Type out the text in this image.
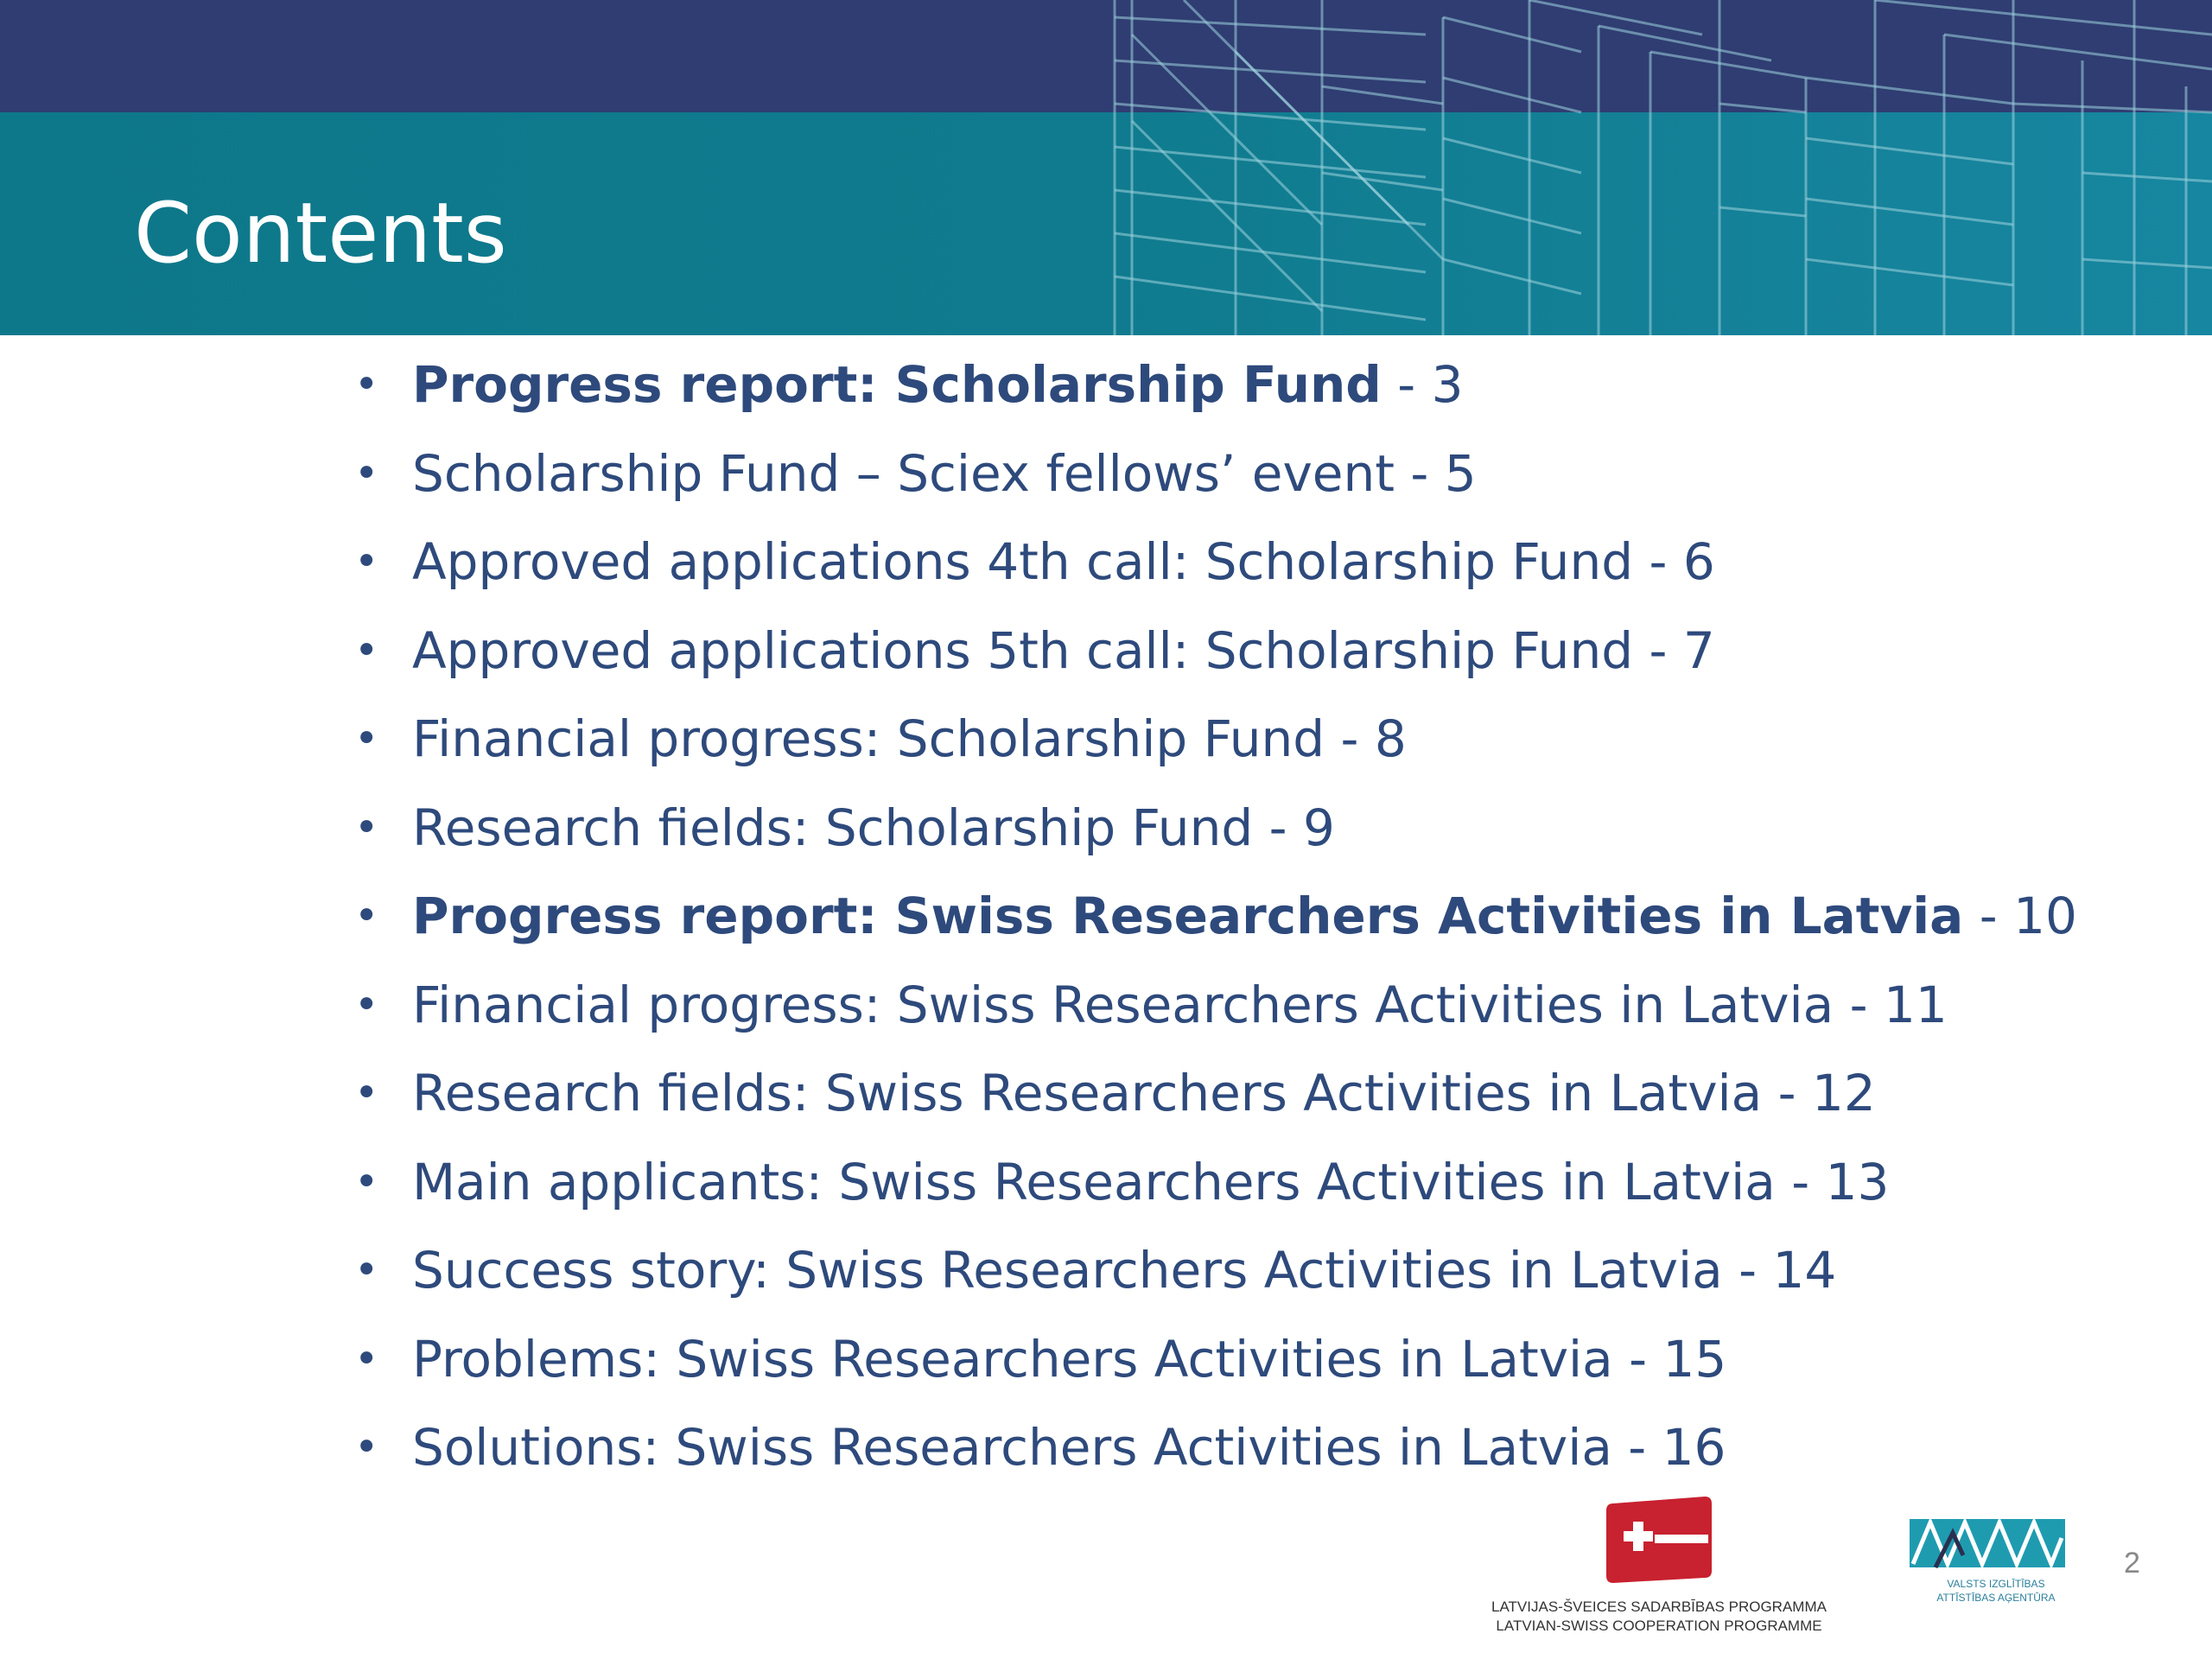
Contents
• Progress report: Scholarship Fund - 3
• Scholarship Fund – Sciex fellows’ event - 5
• Approved applications 4th call: Scholarship Fund - 6
• Approved applications 5th call: Scholarship Fund - 7
• Financial progress: Scholarship Fund - 8
• Research fields: Scholarship Fund - 9
• Progress report: Swiss Researchers Activities in Latvia - 10
• Financial progress: Swiss Researchers Activities in Latvia - 11
• Research fields: Swiss Researchers Activities in Latvia - 12
• Main applicants: Swiss Researchers Activities in Latvia - 13
• Success story: Swiss Researchers Activities in Latvia - 14
• Problems: Swiss Researchers Activities in Latvia - 15
• Solutions: Swiss Researchers Activities in Latvia - 16
LATVIJAS-ŠVEICES SADARBĪBAS PROGRAMMA
LATVIAN-SWISS COOPERATION PROGRAMME
VALSTS IZGLĪTĪBAS
ATTĪSTĪBAS AĢENTŪRA
2
